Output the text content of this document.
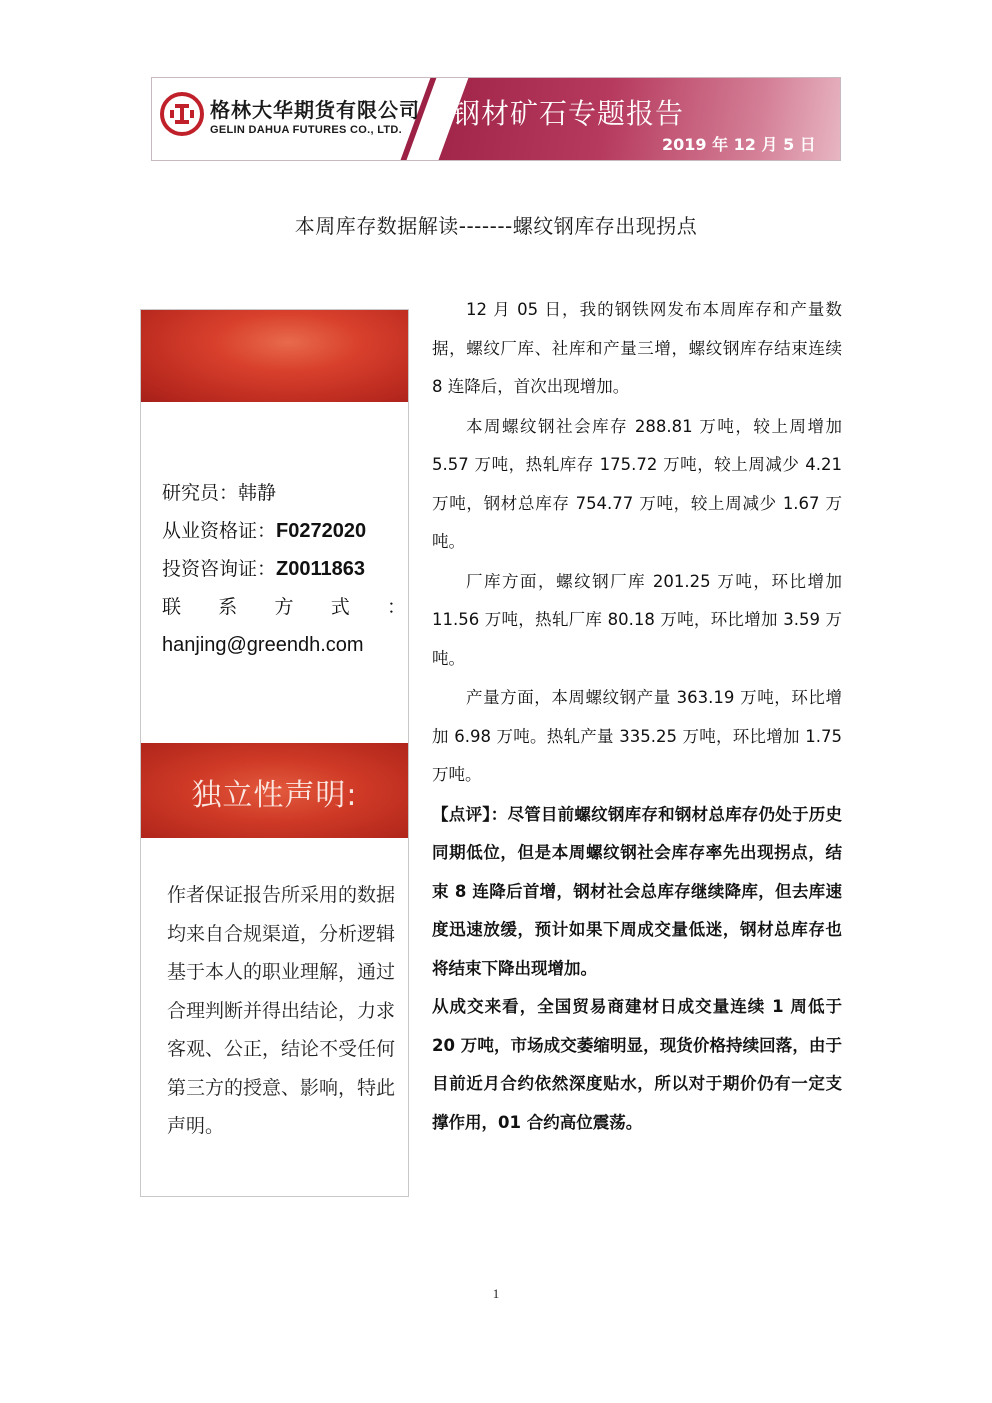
格林大华期货有限公司
GELIN DAHUA FUTURES CO., LTD. 钢材矿石专题报告
2019 年 12 月 5 日
本周库存数据解读-------螺纹钢库存出现拐点
研究员：韩静
从业资格证：F0272020
投资咨询证：Z0011863
联 系 方 式 ：
hanjing@greendh.com
独立性声明:
作者保证报告所采用的数据均来自合规渠道，分析逻辑基于本人的职业理解，通过合理判断并得出结论，力求客观、公正，结论不受任何第三方的授意、影响，特此声明。

12 月 05 日，我的钢铁网发布本周库存和产量数据，螺纹厂库、社库和产量三增，螺纹钢库存结束连续 8 连降后，首次出现增加。

本周螺纹钢社会库存 288.81 万吨，较上周增加 5.57 万吨，热轧库存 175.72 万吨，较上周减少 4.21 万吨，钢材总库存 754.77 万吨，较上周减少 1.67 万吨。

厂库方面，螺纹钢厂库 201.25 万吨，环比增加 11.56 万吨，热轧厂库 80.18 万吨，环比增加 3.59 万吨。

产量方面，本周螺纹钢产量 363.19 万吨，环比增加 6.98 万吨。热轧产量 335.25 万吨，环比增加 1.75 万吨。

【点评】：尽管目前螺纹钢库存和钢材总库存仍处于历史同期低位，但是本周螺纹钢社会库存率先出现拐点，结束 8 连降后首增，钢材社会总库存继续降库，但去库速度迅速放缓，预计如果下周成交量低迷，钢材总库存也将结束下降出现增加。

从成交来看，全国贸易商建材日成交量连续 1 周低于 20 万吨，市场成交萎缩明显，现货价格持续回落，由于目前近月合约依然深度贴水，所以对于期价仍有一定支撑作用，01 合约高位震荡。

1
